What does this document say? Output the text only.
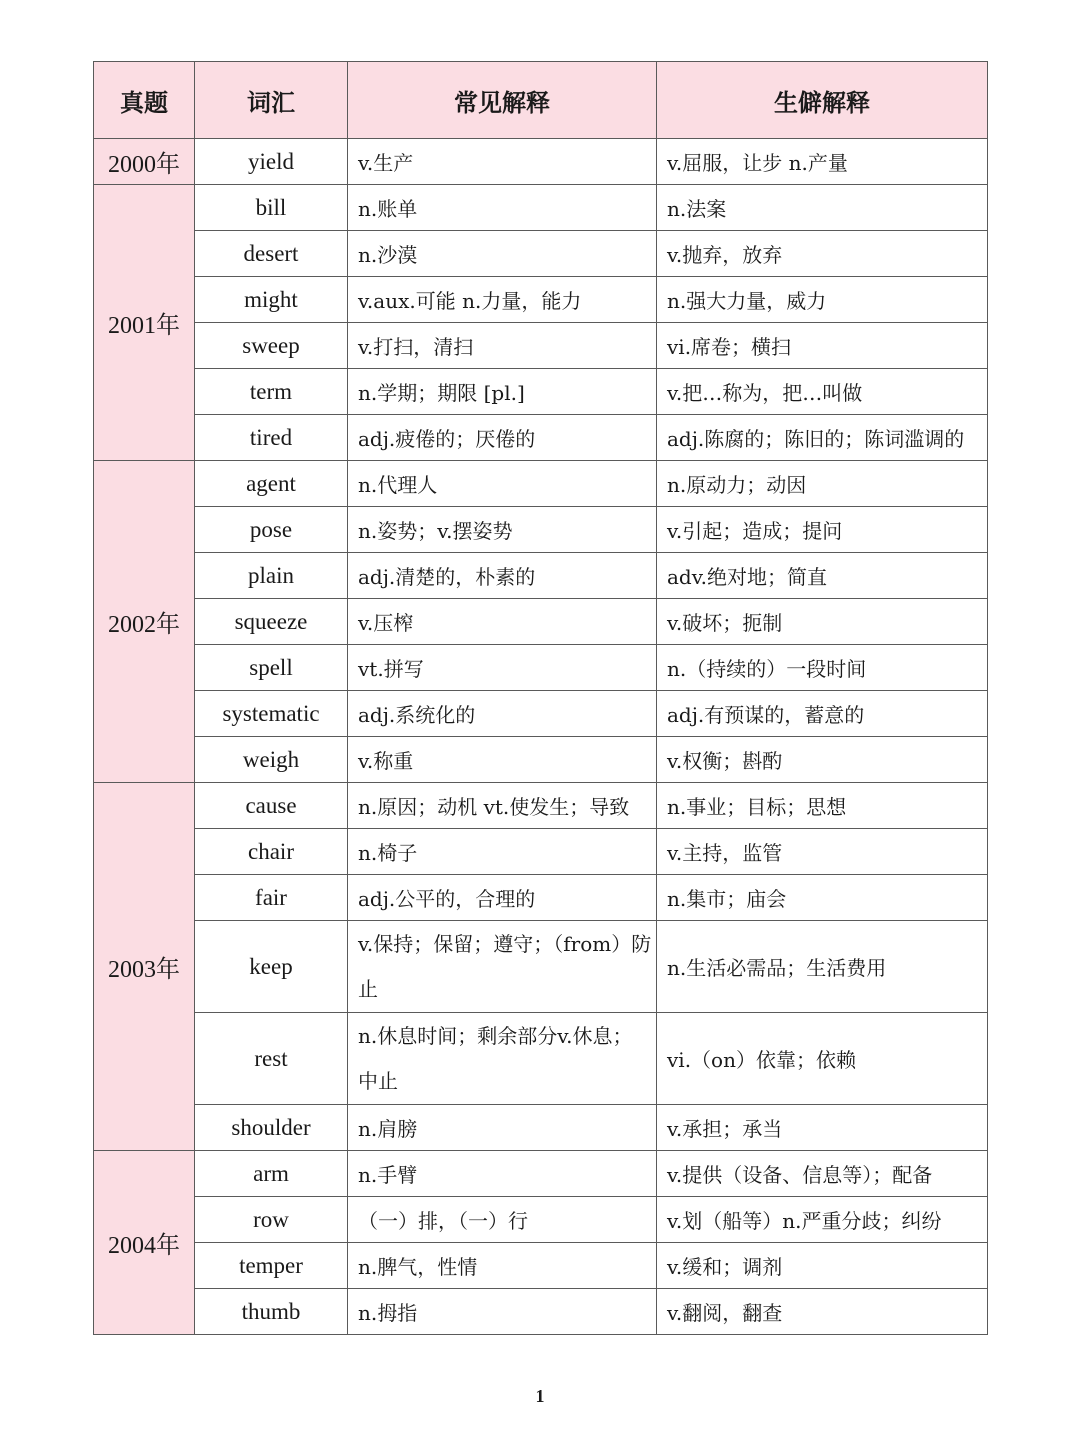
真题	词汇	常见解释	生僻解释
2000年	yield	v.生产	v.屈服，让步 n.产量
2001年	bill	n.账单	n.法案
	desert	n.沙漠	v.抛弃，放弃
	might	v.aux.可能 n.力量，能力	n.强大力量，威力
	sweep	v.打扫，清扫	vi.席卷；横扫
	term	n.学期；期限 [pl.]	v.把…称为，把…叫做
	tired	adj.疲倦的；厌倦的	adj.陈腐的；陈旧的；陈词滥调的
2002年	agent	n.代理人	n.原动力；动因
	pose	n.姿势；v.摆姿势	v.引起；造成；提问
	plain	adj.清楚的，朴素的	adv.绝对地；简直
	squeeze	v.压榨	v.破坏；扼制
	spell	vt.拼写	n.（持续的）一段时间
	systematic	adj.系统化的	adj.有预谋的，蓄意的
	weigh	v.称重	v.权衡；斟酌
2003年	cause	n.原因；动机 vt.使发生；导致	n.事业；目标；思想
	chair	n.椅子	v.主持，监管
	fair	adj.公平的，合理的	n.集市；庙会
	keep	v.保持；保留；遵守；（from）防止	n.生活必需品；生活费用
	rest	n.休息时间；剩余部分v.休息；中止	vi.（on）依靠；依赖
	shoulder	n.肩膀	v.承担；承当
2004年	arm	n.手臂	v.提供（设备、信息等）；配备
	row	（一）排，（一）行	v.划（船等）n.严重分歧；纠纷
	temper	n.脾气，性情	v.缓和；调剂
	thumb	n.拇指	v.翻阅，翻查
1
